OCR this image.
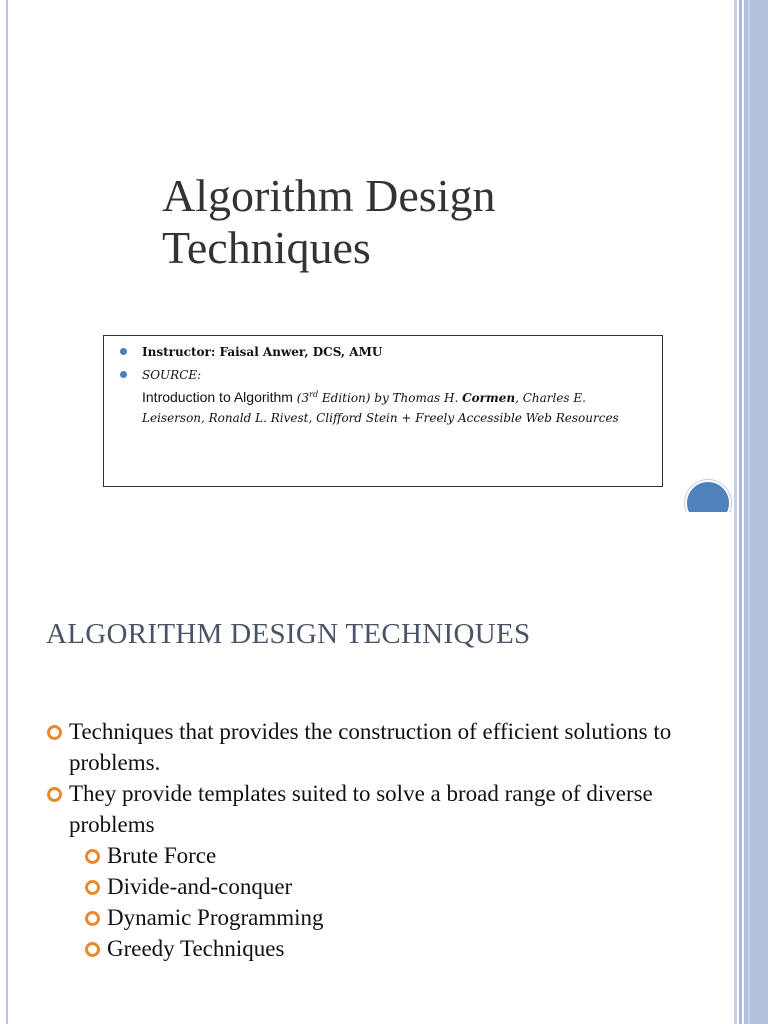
Algorithm Design
Techniques
Instructor: Faisal Anwer, DCS, AMU
SOURCE:
Introduction to Algorithm (3rd Edition) by Thomas H. Cormen, Charles E. Leiserson, Ronald L. Rivest, Clifford Stein + Freely Accessible Web Resources
ALGORITHM DESIGN TECHNIQUES
Techniques that provides the construction of efficient solutions to problems.
They provide templates suited to solve a broad range of diverse problems
Brute Force
Divide-and-conquer
Dynamic Programming
Greedy Techniques
